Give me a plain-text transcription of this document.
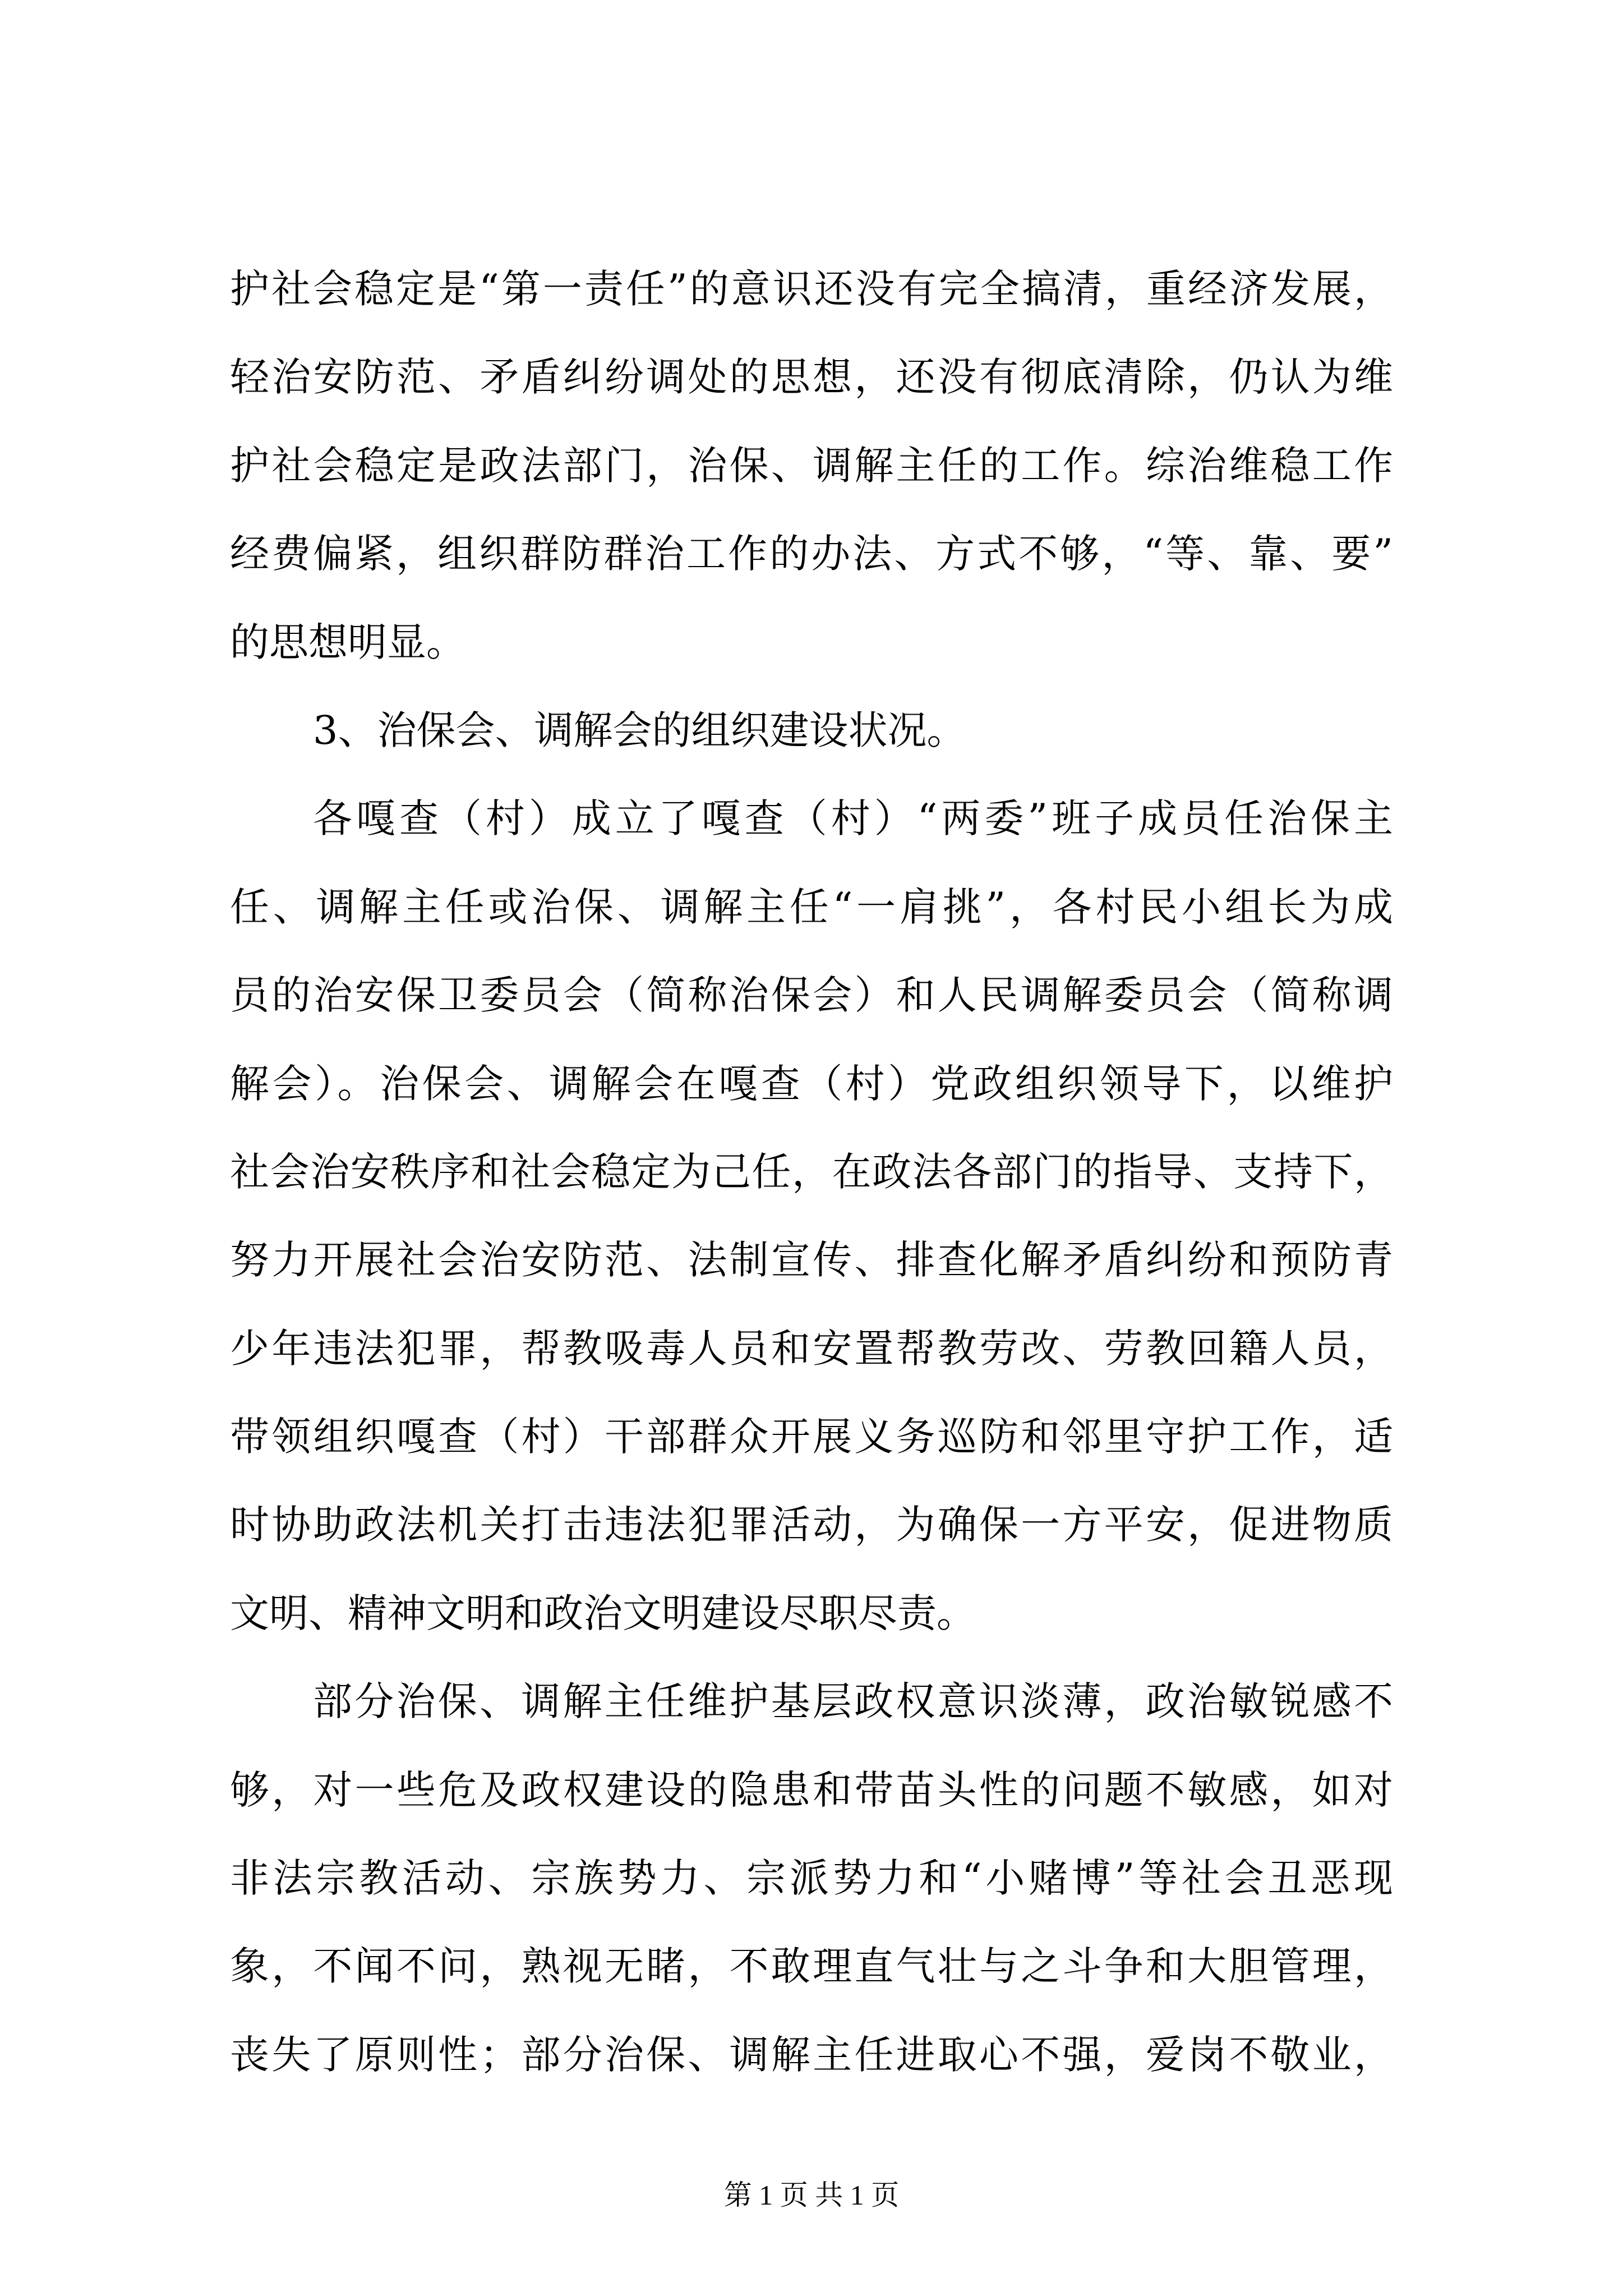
护社会稳定是“第一责任”的意识还没有完全搞清，重经济发展，
轻治安防范、矛盾纠纷调处的思想，还没有彻底清除，仍认为维
护社会稳定是政法部门，治保、调解主任的工作。综治维稳工作
经费偏紧，组织群防群治工作的办法、方式不够，“等、靠、要”
的思想明显。
3、治保会、调解会的组织建设状况。
各嘎查（村）成立了嘎查（村）“两委”班子成员任治保主
任、调解主任或治保、调解主任“一肩挑”，各村民小组长为成
员的治安保卫委员会（简称治保会）和人民调解委员会（简称调
解会）。治保会、调解会在嘎查（村）党政组织领导下，以维护
社会治安秩序和社会稳定为己任，在政法各部门的指导、支持下，
努力开展社会治安防范、法制宣传、排查化解矛盾纠纷和预防青
少年违法犯罪，帮教吸毒人员和安置帮教劳改、劳教回籍人员，
带领组织嘎查（村）干部群众开展义务巡防和邻里守护工作，适
时协助政法机关打击违法犯罪活动，为确保一方平安，促进物质
文明、精神文明和政治文明建设尽职尽责。
部分治保、调解主任维护基层政权意识淡薄，政治敏锐感不
够，对一些危及政权建设的隐患和带苗头性的问题不敏感，如对
非法宗教活动、宗族势力、宗派势力和“小赌博”等社会丑恶现
象，不闻不问，熟视无睹，不敢理直气壮与之斗争和大胆管理，
丧失了原则性；部分治保、调解主任进取心不强，爱岗不敬业，
第 1 页 共 1 页
